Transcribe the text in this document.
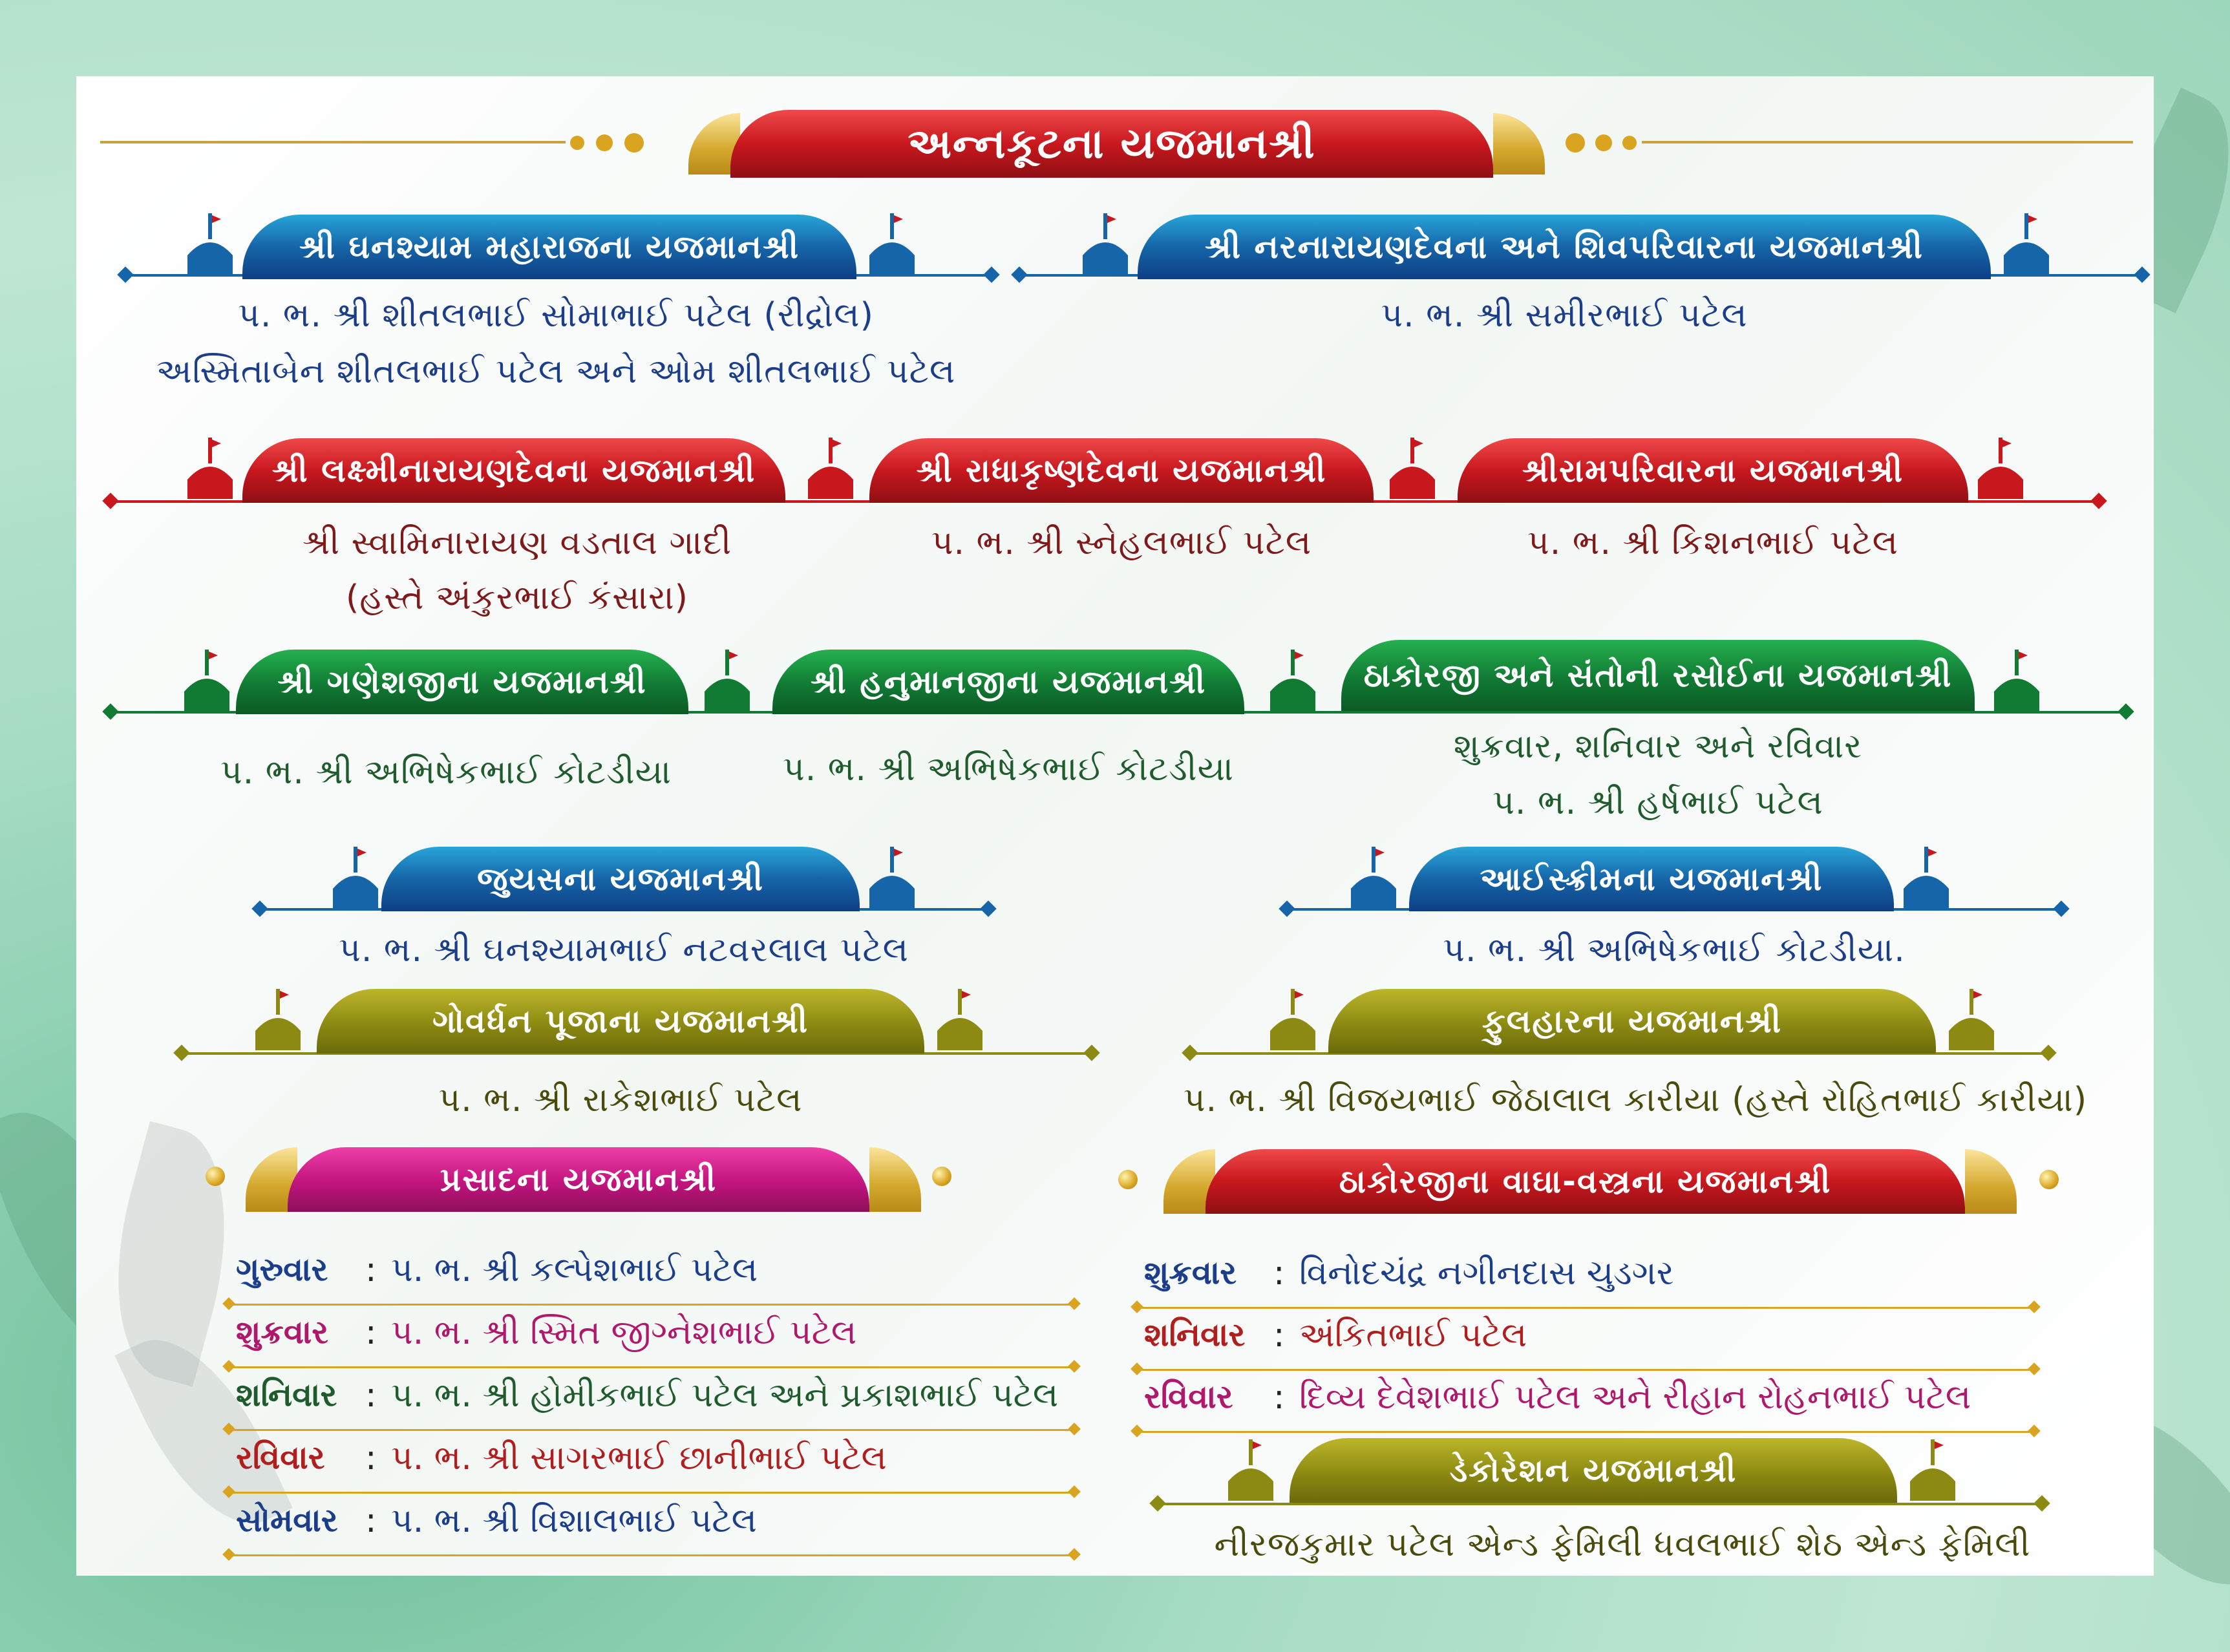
અન્નકૂટના યજમાનશ્રી
શ્રી ઘનશ્યામ મહારાજના યજમાનશ્રી
પ. ભ. શ્રી શીતલભાઈ સોમાભાઈ પટેલ (રીદ્રોલ)
અસ્મિતાબેન શીતલભાઈ પટેલ અને ઓમ શીતલભાઈ પટેલ
શ્રી નરનારાયણદેવના અને શિવપરિવારના યજમાનશ્રી
પ. ભ. શ્રી સમીરભાઈ પટેલ
શ્રી લક્ષ્મીનારાયણદેવના યજમાનશ્રી	શ્રી રાધાકૃષ્ણદેવના યજમાનશ્રી	શ્રીરામપરિવારના યજમાનશ્રી
શ્રી સ્વામિનારાયણ વડતાલ ગાદી
(હસ્તે અંકુરભાઈ કંસારા)
પ. ભ. શ્રી સ્નેહલભાઈ પટેલ	પ. ભ. શ્રી કિશનભાઈ પટેલ
શ્રી ગણેશજીના યજમાનશ્રી	શ્રી હનુમાનજીના યજમાનશ્રી	ઠાકોરજી અને સંતોની રસોઈના યજમાનશ્રી
પ. ભ. શ્રી અભિષેકભાઈ કોટડીયા	પ. ભ. શ્રી અભિષેકભાઈ કોટડીયા
શુક્રવાર, શનિવાર અને રવિવાર
પ. ભ. શ્રી હર્ષભાઈ પટેલ
જુયસના યજમાનશ્રી
પ. ભ. શ્રી ઘનશ્યામભાઈ નટવરલાલ પટેલ
આઈસ્ક્રીમના યજમાનશ્રી
પ. ભ. શ્રી અભિષેકભાઈ કોટડીયા.
ગોવર્ધન પૂજાના યજમાનશ્રી
પ. ભ. શ્રી રાકેશભાઈ પટેલ
ફુલહારના યજમાનશ્રી
પ. ભ. શ્રી વિજયભાઈ જેઠાલાલ કારીયા (હસ્તે રોહિતભાઈ કારીયા)
પ્રસાદના યજમાનશ્રી
ગુરુવાર : પ. ભ. શ્રી કલ્પેશભાઈ પટેલ
શુક્રવાર : પ. ભ. શ્રી સ્મિત જીગ્નેશભાઈ પટેલ
શનિવાર : પ. ભ. શ્રી હોમીકભાઈ પટેલ અને પ્રકાશભાઈ પટેલ
રવિવાર : પ. ભ. શ્રી સાગરભાઈ છાનીભાઈ પટેલ
સોમવાર : પ. ભ. શ્રી વિશાલભાઈ પટેલ
ઠાકોરજીના વાઘા-વસ્ત્રના યજમાનશ્રી
શુક્રવાર : વિનોદચંદ્ર નગીનદાસ ચુડગર
શનિવાર : અંકિતભાઈ પટેલ
રવિવાર : દિવ્ય દેવેશભાઈ પટેલ અને રીહાન રોહનભાઈ પટેલ
ડેકોરેશન યજમાનશ્રી
નીરજકુમાર પટેલ એન્ડ ફેમિલી ધવલભાઈ શેઠ એન્ડ ફેમિલી
